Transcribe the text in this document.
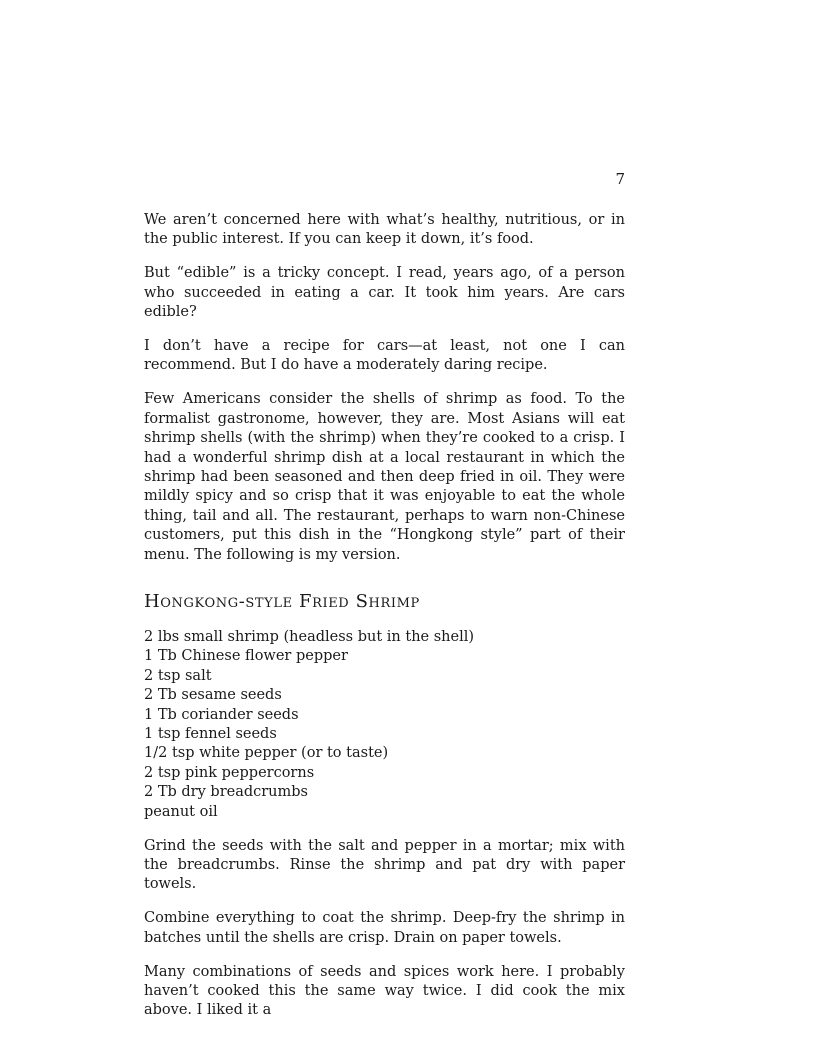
7

We aren’t concerned here with what’s healthy, nutritious, or in the public interest. If you can keep it down, it’s food.

But “edible” is a tricky concept. I read, years ago, of a person who succeeded in eating a car. It took him years. Are cars edible?

I don’t have a recipe for cars—at least, not one I can recommend. But I do have a moderately daring recipe.

Few Americans consider the shells of shrimp as food. To the formalist gastronome, however, they are. Most Asians will eat shrimp shells (with the shrimp) when they’re cooked to a crisp. I had a wonderful shrimp dish at a local restaurant in which the shrimp had been seasoned and then deep fried in oil. They were mildly spicy and so crisp that it was enjoyable to eat the whole thing, tail and all. The restaurant, perhaps to warn non-Chinese customers, put this dish in the “Hongkong style” part of their menu. The following is my version.

Hongkong-style Fried Shrimp
2 lbs small shrimp (headless but in the shell)
1 Tb Chinese flower pepper
2 tsp salt
2 Tb sesame seeds
1 Tb coriander seeds
1 tsp fennel seeds
1/2 tsp white pepper (or to taste)
2 tsp pink peppercorns
2 Tb dry breadcrumbs
peanut oil

Grind the seeds with the salt and pepper in a mortar; mix with the breadcrumbs. Rinse the shrimp and pat dry with paper towels.

Combine everything to coat the shrimp. Deep-fry the shrimp in batches until the shells are crisp. Drain on paper towels.

Many combinations of seeds and spices work here. I probably haven’t cooked this the same way twice. I did cook the mix above. I liked it a
